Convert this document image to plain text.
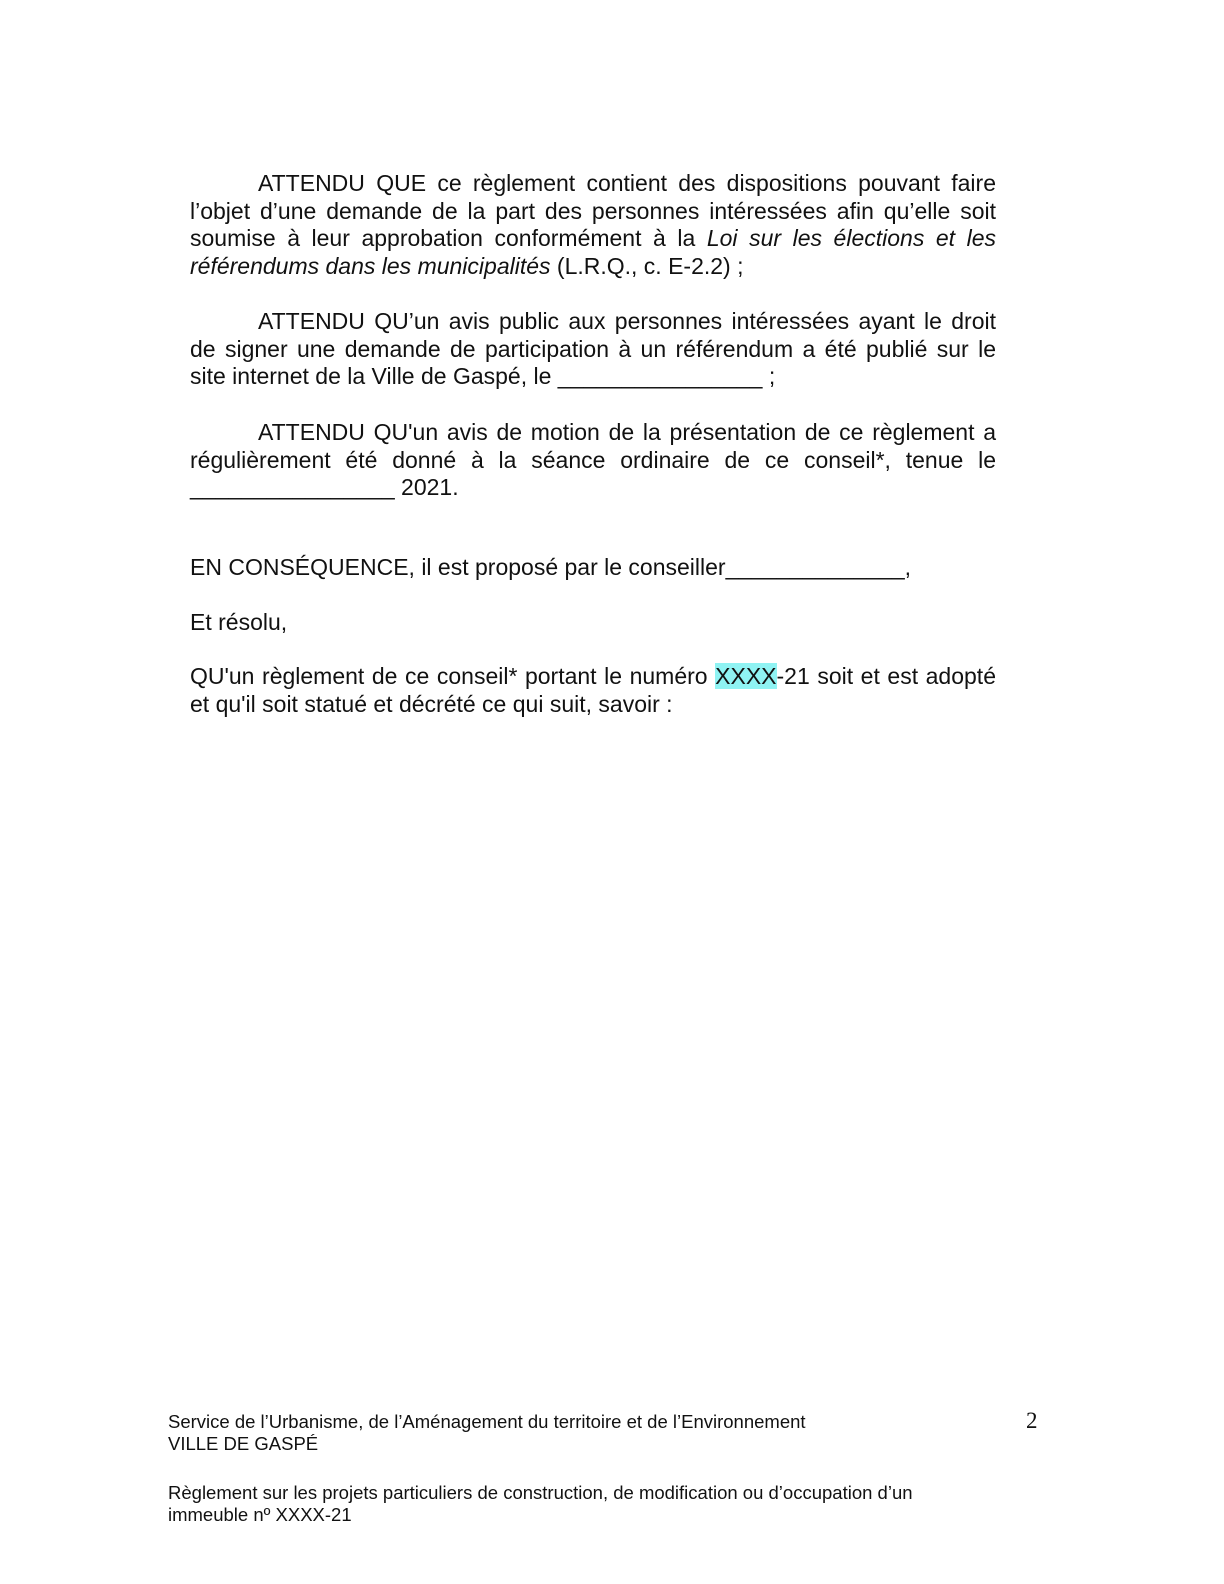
ATTENDU QUE ce règlement contient des dispositions pouvant faire l’objet d’une demande de la part des personnes intéressées afin qu’elle soit soumise à leur approbation conformément à la Loi sur les élections et les référendums dans les municipalités (L.R.Q., c. E-2.2) ;

ATTENDU QU’un avis public aux personnes intéressées ayant le droit de signer une demande de participation à un référendum a été publié sur le site internet de la Ville de Gaspé, le ________________ ;

ATTENDU QU'un avis de motion de la présentation de ce règlement a régulièrement été donné à la séance ordinaire de ce conseil*, tenue le ________________ 2021.

EN CONSÉQUENCE, il est proposé par le conseiller______________,

Et résolu,

QU'un règlement de ce conseil* portant le numéro XXXX-21 soit et est adopté et qu'il soit statué et décrété ce qui suit, savoir :

Service de l’Urbanisme, de l’Aménagement du territoire et de l’Environnement
VILLE DE GASPÉ
2
Règlement sur les projets particuliers de construction, de modification ou d’occupation d’un
immeuble nº XXXX-21
